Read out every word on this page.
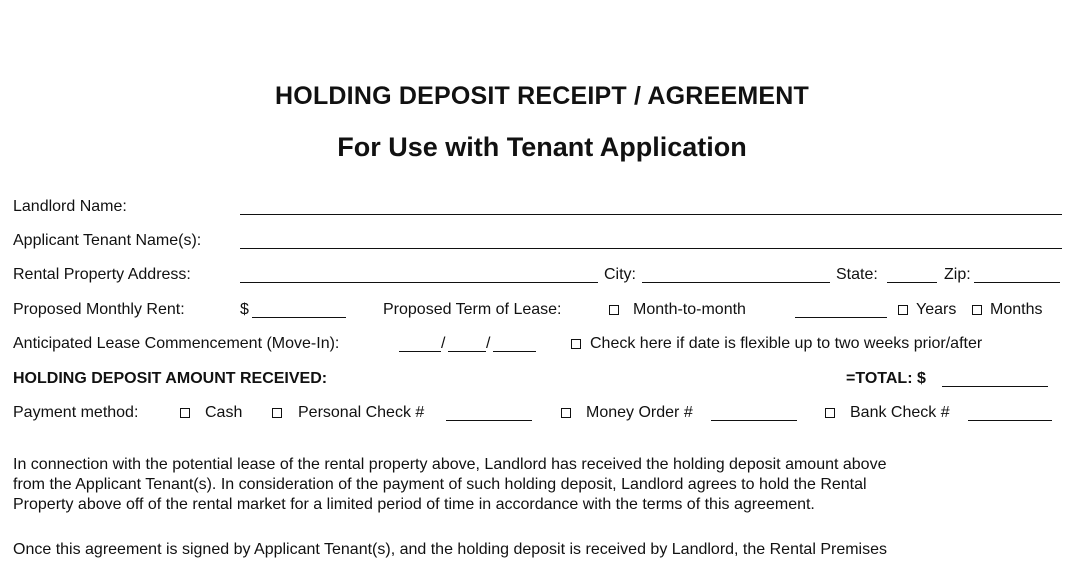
HOLDING DEPOSIT RECEIPT / AGREEMENT
For Use with Tenant Application
Landlord Name:
Applicant Tenant Name(s):
Rental Property Address:	City:	State:	Zip:
Proposed Monthly Rent:	$	Proposed Term of Lease:	Month-to-month	Years Months
Anticipated Lease Commencement (Move-In):	/	/	Check here if date is flexible up to two weeks prior/after
HOLDING DEPOSIT AMOUNT RECEIVED:	=TOTAL: $
Payment method:	Cash	Personal Check #	Money Order #	Bank Check #
In connection with the potential lease of the rental property above, Landlord has received the holding deposit amount above
from the Applicant Tenant(s). In consideration of the payment of such holding deposit, Landlord agrees to hold the Rental
Property above off of the rental market for a limited period of time in accordance with the terms of this agreement.
Once this agreement is signed by Applicant Tenant(s), and the holding deposit is received by Landlord, the Rental Premises
